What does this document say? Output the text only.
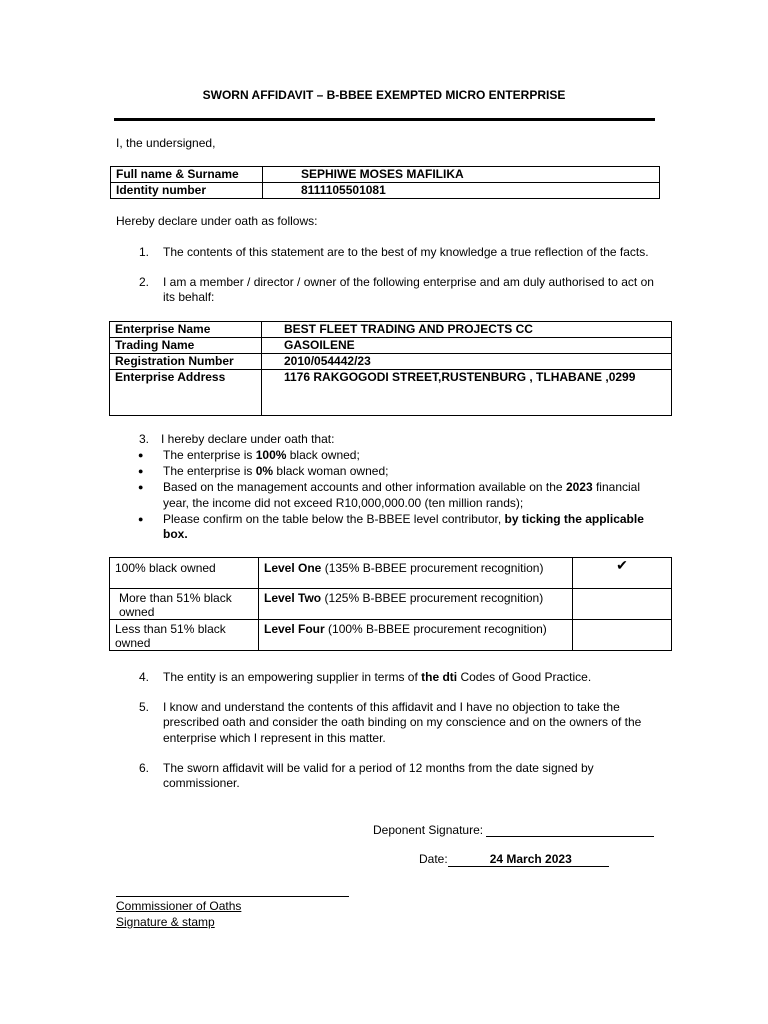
SWORN AFFIDAVIT – B-BBEE EXEMPTED MICRO ENTERPRISE
I, the undersigned,
Full name & Surname	SEPHIWE MOSES MAFILIKA
Identity number	8111105501081
Hereby declare under oath as follows:
1. The contents of this statement are to the best of my knowledge a true reflection of the facts.
2. I am a member / director / owner of the following enterprise and am duly authorised to act on
its behalf:
Enterprise Name	BEST FLEET TRADING AND PROJECTS CC
Trading Name	GASOILENE
Registration Number	2010/054442/23
Enterprise Address	1176 RAKGOGODI STREET,RUSTENBURG , TLHABANE ,0299
3. I hereby declare under oath that:
● The enterprise is 100% black owned;
● The enterprise is 0% black woman owned;
● Based on the management accounts and other information available on the 2023 financial
year, the income did not exceed R10,000,000.00 (ten million rands);
● Please confirm on the table below the B-BBEE level contributor, by ticking the applicable
box.
100% black owned	Level One (135% B-BBEE procurement recognition)	✔
More than 51% black owned	Level Two (125% B-BBEE procurement recognition)	
Less than 51% black owned	Level Four (100% B-BBEE procurement recognition)	
4. The entity is an empowering supplier in terms of the dti Codes of Good Practice.
5. I know and understand the contents of this affidavit and I have no objection to take the
prescribed oath and consider the oath binding on my conscience and on the owners of the
enterprise which I represent in this matter.
6. The sworn affidavit will be valid for a period of 12 months from the date signed by
commissioner.
Deponent Signature:
Date:	24 March 2023
Commissioner of Oaths
Signature & stamp
